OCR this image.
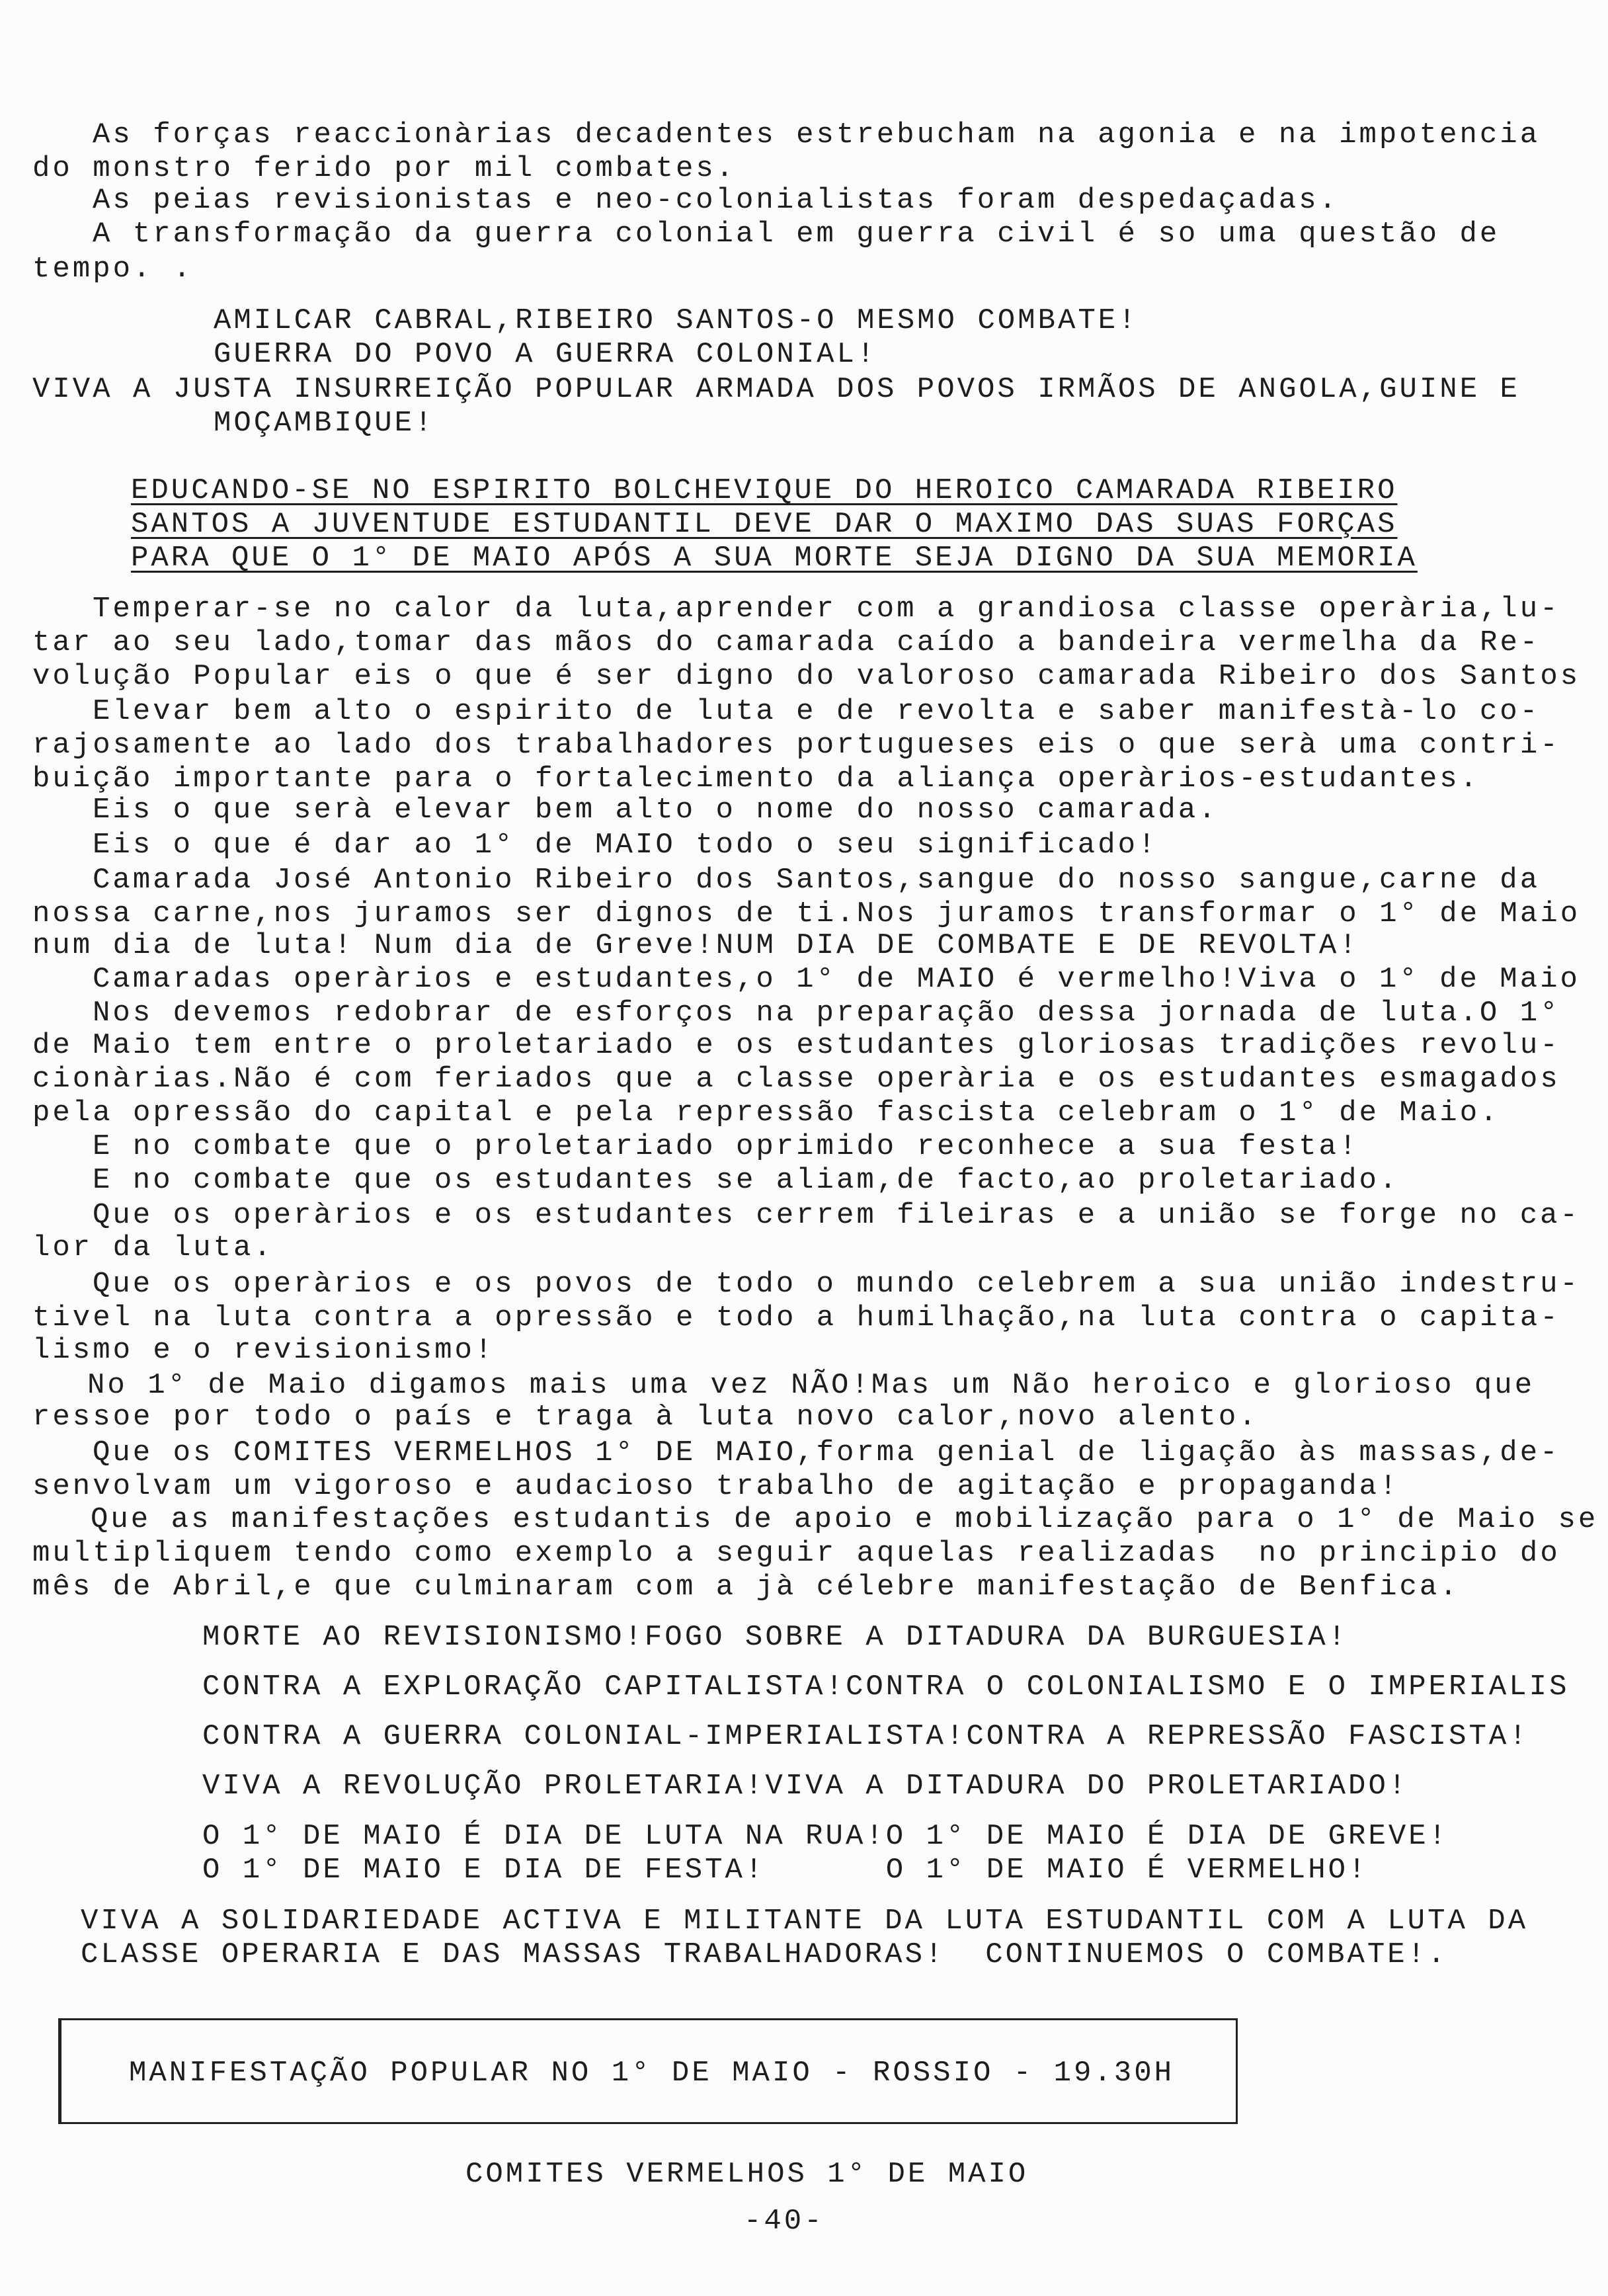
As forças reaccionàrias decadentes estrebucham na agonia e na impotencia
do monstro ferido por mil combates.
As peias revisionistas e neo-colonialistas foram despedaçadas.
A transformação da guerra colonial em guerra civil é so uma questão de
tempo. .
AMILCAR CABRAL,RIBEIRO SANTOS-O MESMO COMBATE!
GUERRA DO POVO A GUERRA COLONIAL!
VIVA A JUSTA INSURREIÇÃO POPULAR ARMADA DOS POVOS IRMÃOS DE ANGOLA,GUINE E
MOÇAMBIQUE!
EDUCANDO-SE NO ESPIRITO BOLCHEVIQUE DO HEROICO CAMARADA RIBEIRO
SANTOS A JUVENTUDE ESTUDANTIL DEVE DAR O MAXIMO DAS SUAS FORÇAS
PARA QUE O 1° DE MAIO APÓS A SUA MORTE SEJA DIGNO DA SUA MEMORIA
Temperar-se no calor da luta,aprender com a grandiosa classe operària,lu-
tar ao seu lado,tomar das mãos do camarada caído a bandeira vermelha da Re-
volução Popular eis o que é ser digno do valoroso camarada Ribeiro dos Santos
Elevar bem alto o espirito de luta e de revolta e saber manifestà-lo co-
rajosamente ao lado dos trabalhadores portugueses eis o que serà uma contri-
buição importante para o fortalecimento da aliança operàrios-estudantes.
Eis o que serà elevar bem alto o nome do nosso camarada.
Eis o que é dar ao 1° de MAIO todo o seu significado!
Camarada José Antonio Ribeiro dos Santos,sangue do nosso sangue,carne da
nossa carne,nos juramos ser dignos de ti.Nos juramos transformar o 1° de Maio
num dia de luta! Num dia de Greve!NUM DIA DE COMBATE E DE REVOLTA!
Camaradas operàrios e estudantes,o 1° de MAIO é vermelho!Viva o 1° de Maio
Nos devemos redobrar de esforços na preparação dessa jornada de luta.O 1°
de Maio tem entre o proletariado e os estudantes gloriosas tradições revolu-
cionàrias.Não é com feriados que a classe operària e os estudantes esmagados
pela opressão do capital e pela repressão fascista celebram o 1° de Maio.
E no combate que o proletariado oprimido reconhece a sua festa!
E no combate que os estudantes se aliam,de facto,ao proletariado.
Que os operàrios e os estudantes cerrem fileiras e a união se forge no ca-
lor da luta.
Que os operàrios e os povos de todo o mundo celebrem a sua união indestru-
tivel na luta contra a opressão e todo a humilhação,na luta contra o capita-
lismo e o revisionismo!
No 1° de Maio digamos mais uma vez NÃO!Mas um Não heroico e glorioso que
ressoe por todo o país e traga à luta novo calor,novo alento.
Que os COMITES VERMELHOS 1° DE MAIO,forma genial de ligação às massas,de-
senvolvam um vigoroso e audacioso trabalho de agitação e propaganda!
Que as manifestações estudantis de apoio e mobilização para o 1° de Maio se
multipliquem tendo como exemplo a seguir aquelas realizadas  no principio do
mês de Abril,e que culminaram com a jà célebre manifestação de Benfica.
MORTE AO REVISIONISMO!FOGO SOBRE A DITADURA DA BURGUESIA!
CONTRA A EXPLORAÇÃO CAPITALISTA!CONTRA O COLONIALISMO E O IMPERIALIS
CONTRA A GUERRA COLONIAL-IMPERIALISTA!CONTRA A REPRESSÃO FASCISTA!
VIVA A REVOLUÇÃO PROLETARIA!VIVA A DITADURA DO PROLETARIADO!
O 1° DE MAIO É DIA DE LUTA NA RUA!O 1° DE MAIO É DIA DE GREVE!
O 1° DE MAIO E DIA DE FESTA!      O 1° DE MAIO É VERMELHO!
VIVA A SOLIDARIEDADE ACTIVA E MILITANTE DA LUTA ESTUDANTIL COM A LUTA DA
CLASSE OPERARIA E DAS MASSAS TRABALHADORAS!  CONTINUEMOS O COMBATE!.
MANIFESTAÇÃO POPULAR NO 1° DE MAIO - ROSSIO - 19.30H
COMITES VERMELHOS 1° DE MAIO
-40-
